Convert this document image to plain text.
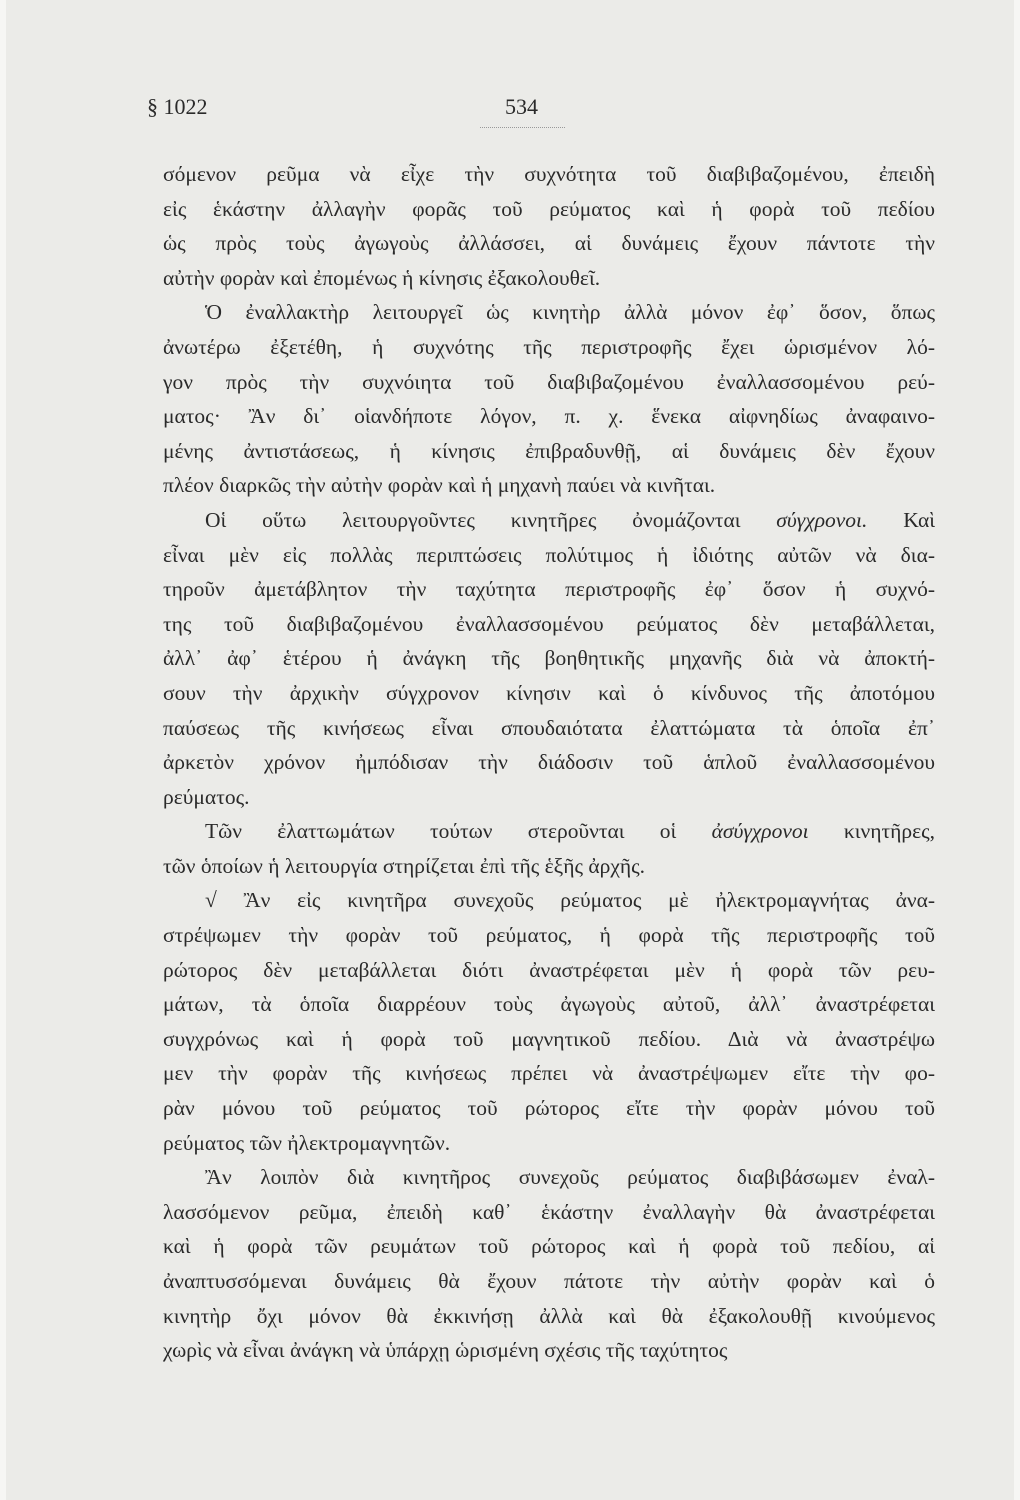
§ 1022	534
σόμενον ρεῦμα νὰ εἶχε τὴν συχνότητα τοῦ διαβιβαζομένου, ἐπειδὴ
εἰς ἑκάστην ἀλλαγὴν φορᾶς τοῦ ρεύματος καὶ ἡ φορὰ τοῦ πεδίου
ὡς πρὸς τοὺς ἀγωγοὺς ἀλλάσσει, αἱ δυνάμεις ἔχουν πάντοτε τὴν
αὐτὴν φορὰν καὶ ἐπομένως ἡ κίνησις ἐξακολουθεῖ.
Ὁ ἐναλλακτὴρ λειτουργεῖ ὡς κινητὴρ ἀλλὰ μόνον ἐφ᾽ ὅσον, ὅπως
ἀνωτέρω ἐξετέθη, ἡ συχνότης τῆς περιστροφῆς ἔχει ὡρισμένον λό-
γον πρὸς τὴν συχνόιητα τοῦ διαβιβαζομένου ἐναλλασσομένου ρεύ-
ματος· Ἂν δι᾽ οἱανδήποτε λόγον, π. χ. ἕνεκα αἰφνηδίως ἀναφαινο-
μένης ἀντιστάσεως, ἡ κίνησις ἐπιβραδυνθῇ, αἱ δυνάμεις δὲν ἔχουν
πλέον διαρκῶς τὴν αὐτὴν φορὰν καὶ ἡ μηχανὴ παύει νὰ κινῆται.
Οἱ οὕτω λειτουργοῦντες κινητῆρες ὀνομάζονται σύγχρονοι. Καὶ
εἶναι μὲν εἰς πολλὰς περιπτώσεις πολύτιμος ἡ ἰδιότης αὐτῶν νὰ δια-
τηροῦν ἀμετάβλητον τὴν ταχύτητα περιστροφῆς ἐφ᾽ ὅσον ἡ συχνό-
της τοῦ διαβιβαζομένου ἐναλλασσομένου ρεύματος δὲν μεταβάλλεται,
ἀλλ᾽ ἀφ᾽ ἑτέρου ἡ ἀνάγκη τῆς βοηθητικῆς μηχανῆς διὰ νὰ ἀποκτή-
σουν τὴν ἀρχικὴν σύγχρονον κίνησιν καὶ ὁ κίνδυνος τῆς ἀποτόμου
παύσεως τῆς κινήσεως εἶναι σπουδαιότατα ἐλαττώματα τὰ ὁποῖα ἐπ᾽
ἀρκετὸν χρόνον ἠμπόδισαν τὴν διάδοσιν τοῦ ἁπλοῦ ἐναλλασσομένου
ρεύματος.
Τῶν ἐλαττωμάτων τούτων στεροῦνται οἱ ἀσύγχρονοι κινητῆρες,
τῶν ὁποίων ἡ λειτουργία στηρίζεται ἐπὶ τῆς ἑξῆς ἀρχῆς.
√ Ἂν εἰς κινητῆρα συνεχοῦς ρεύματος μὲ ἠλεκτρομαγνήτας ἀνα-
στρέψωμεν τὴν φορὰν τοῦ ρεύματος, ἡ φορὰ τῆς περιστροφῆς τοῦ
ρώτορος δὲν μεταβάλλεται διότι ἀναστρέφεται μὲν ἡ φορὰ τῶν ρευ-
μάτων, τὰ ὁποῖα διαρρέουν τοὺς ἀγωγοὺς αὐτοῦ, ἀλλ᾽ ἀναστρέφεται
συγχρόνως καὶ ἡ φορὰ τοῦ μαγνητικοῦ πεδίου. Διὰ νὰ ἀναστρέψω
μεν τὴν φορὰν τῆς κινήσεως πρέπει νὰ ἀναστρέψωμεν εἴτε τὴν φο-
ρὰν μόνου τοῦ ρεύματος τοῦ ρώτορος εἴτε τὴν φορὰν μόνου τοῦ
ρεύματος τῶν ἠλεκτρομαγνητῶν.
Ἂν λοιπὸν διὰ κινητῆρος συνεχοῦς ρεύματος διαβιβάσωμεν ἐναλ-
λασσόμενον ρεῦμα, ἐπειδὴ καθ᾽ ἑκάστην ἐναλλαγὴν θὰ ἀναστρέφεται
καὶ ἡ φορὰ τῶν ρευμάτων τοῦ ρώτορος καὶ ἡ φορὰ τοῦ πεδίου, αἱ
ἀναπτυσσόμεναι δυνάμεις θὰ ἔχουν πάτοτε τὴν αὐτὴν φορὰν καὶ ὁ
κινητὴρ ὄχι μόνον θὰ ἐκκινήσῃ ἀλλὰ καὶ θὰ ἐξακολουθῇ κινούμενος
χωρὶς νὰ εἶναι ἀνάγκη νὰ ὑπάρχῃ ὡρισμένη σχέσις τῆς ταχύτητος
